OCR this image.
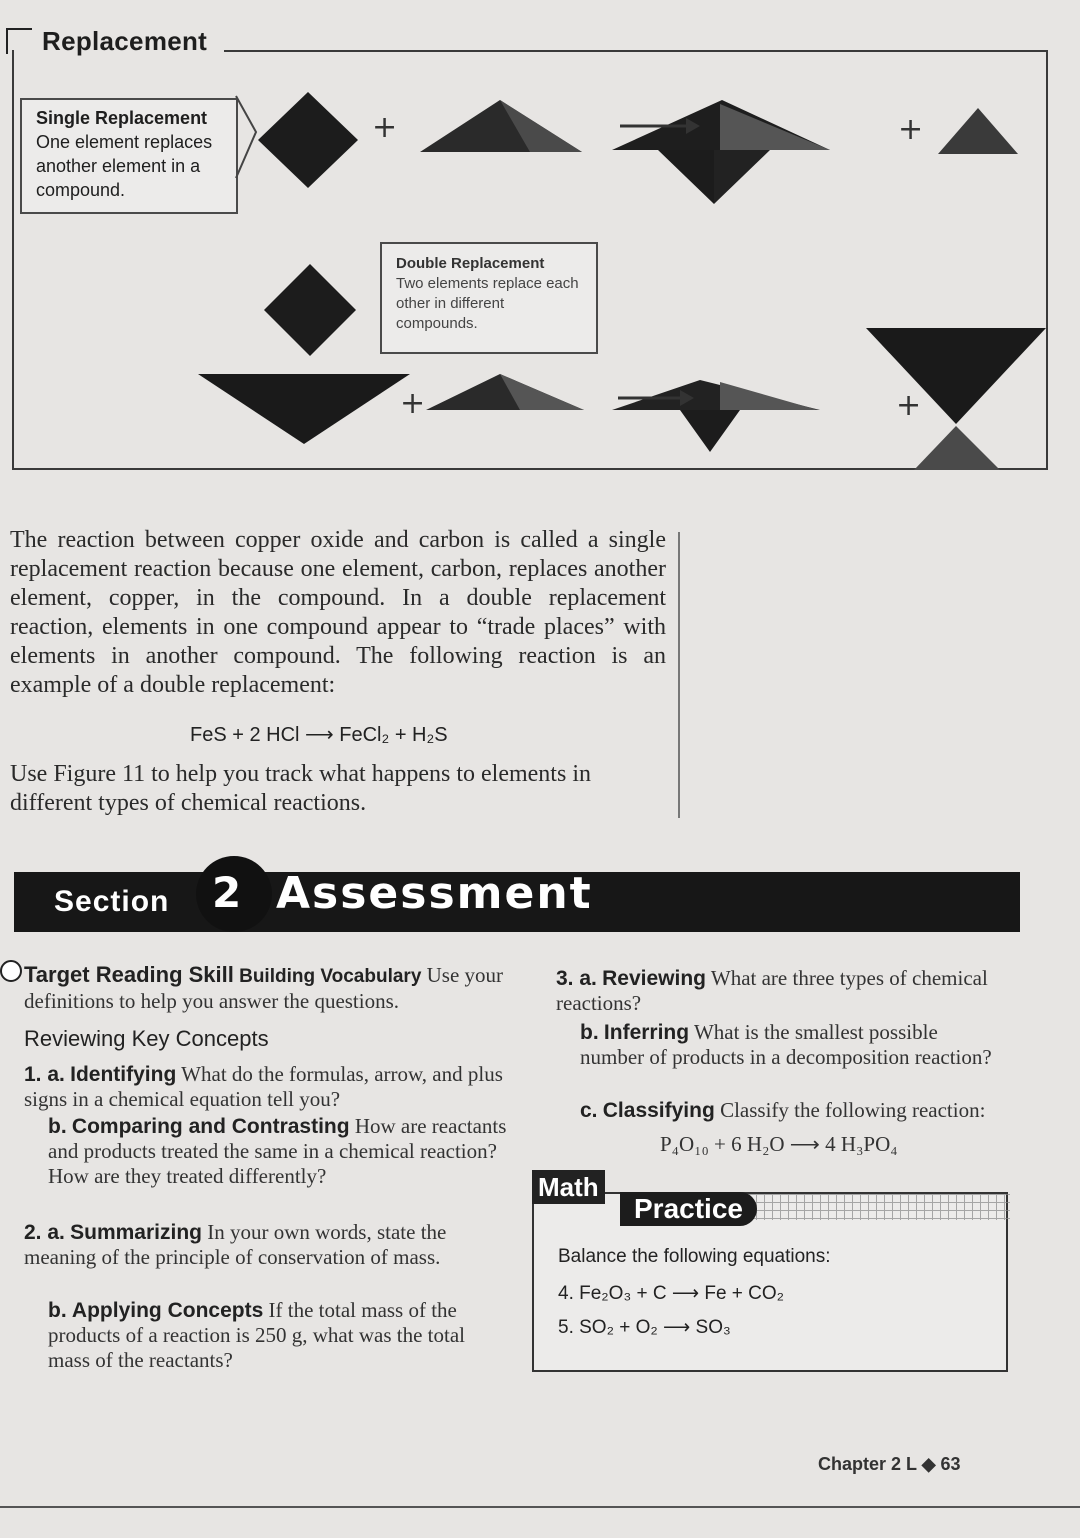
Replacement
Single Replacement
One element replaces another element in a compound.
Double Replacement
Two elements replace each other in different compounds.
+	+
+	+

The reaction between copper oxide and carbon is called a single replacement reaction because one element, carbon, replaces another element, copper, in the compound. In a double replacement reaction, elements in one compound appear to “trade places” with elements in another compound. The following reaction is an example of a double replacement:

FeS + 2 HCl ⟶ FeCl₂ + H₂S
Use Figure 11 to help you track what happens to elements in different types of chemical reactions.
Section 2 Assessment
Target Reading Skill Building Vocabulary Use your definitions to help you answer the questions.
Reviewing Key Concepts
1. a. Identifying What do the formulas, arrow, and plus signs in a chemical equation tell you?
b. Comparing and Contrasting How are reactants and products treated the same in a chemical reaction? How are they treated differently?
2. a. Summarizing In your own words, state the meaning of the principle of conservation of mass.
b. Applying Concepts If the total mass of the products of a reaction is 250 g, what was the total mass of the reactants?
3. a. Reviewing What are three types of chemical reactions?
b. Inferring What is the smallest possible number of products in a decomposition reaction?
c. Classifying Classify the following reaction:
P₄O₁₀ + 6 H₂O ⟶ 4 H₃PO₄
Math
Practice
Balance the following equations:
4. Fe₂O₃ + C ⟶ Fe + CO₂
5. SO₂ + O₂ ⟶ SO₃
Chapter 2 L ◆ 63
